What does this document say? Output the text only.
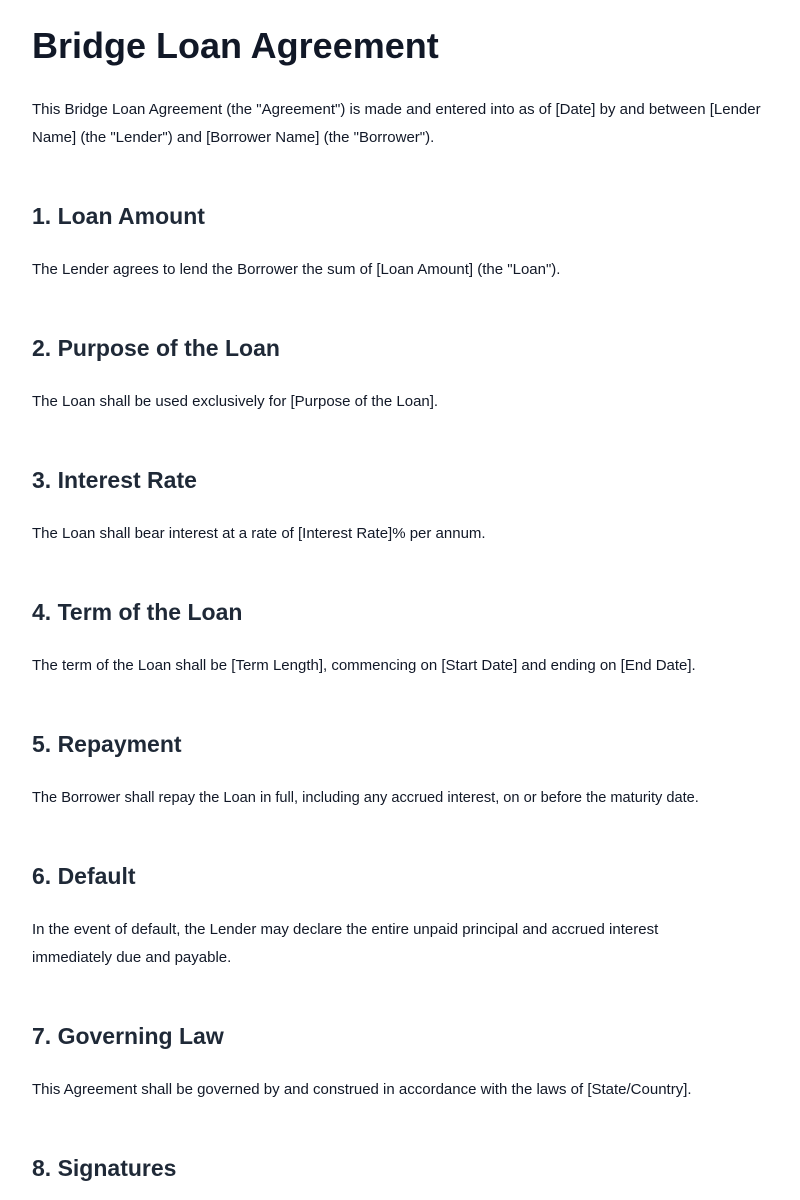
Bridge Loan Agreement

This Bridge Loan Agreement (the "Agreement") is made and entered into as of [Date] by and between [Lender Name] (the "Lender") and [Borrower Name] (the "Borrower").

1. Loan Amount

The Lender agrees to lend the Borrower the sum of [Loan Amount] (the "Loan").

2. Purpose of the Loan

The Loan shall be used exclusively for [Purpose of the Loan].

3. Interest Rate

The Loan shall bear interest at a rate of [Interest Rate]% per annum.

4. Term of the Loan

The term of the Loan shall be [Term Length], commencing on [Start Date] and ending on [End Date].

5. Repayment

The Borrower shall repay the Loan in full, including any accrued interest, on or before the maturity date.

6. Default

In the event of default, the Lender may declare the entire unpaid principal and accrued interest immediately due and payable.

7. Governing Law

This Agreement shall be governed by and construed in accordance with the laws of [State/Country].

8. Signatures
